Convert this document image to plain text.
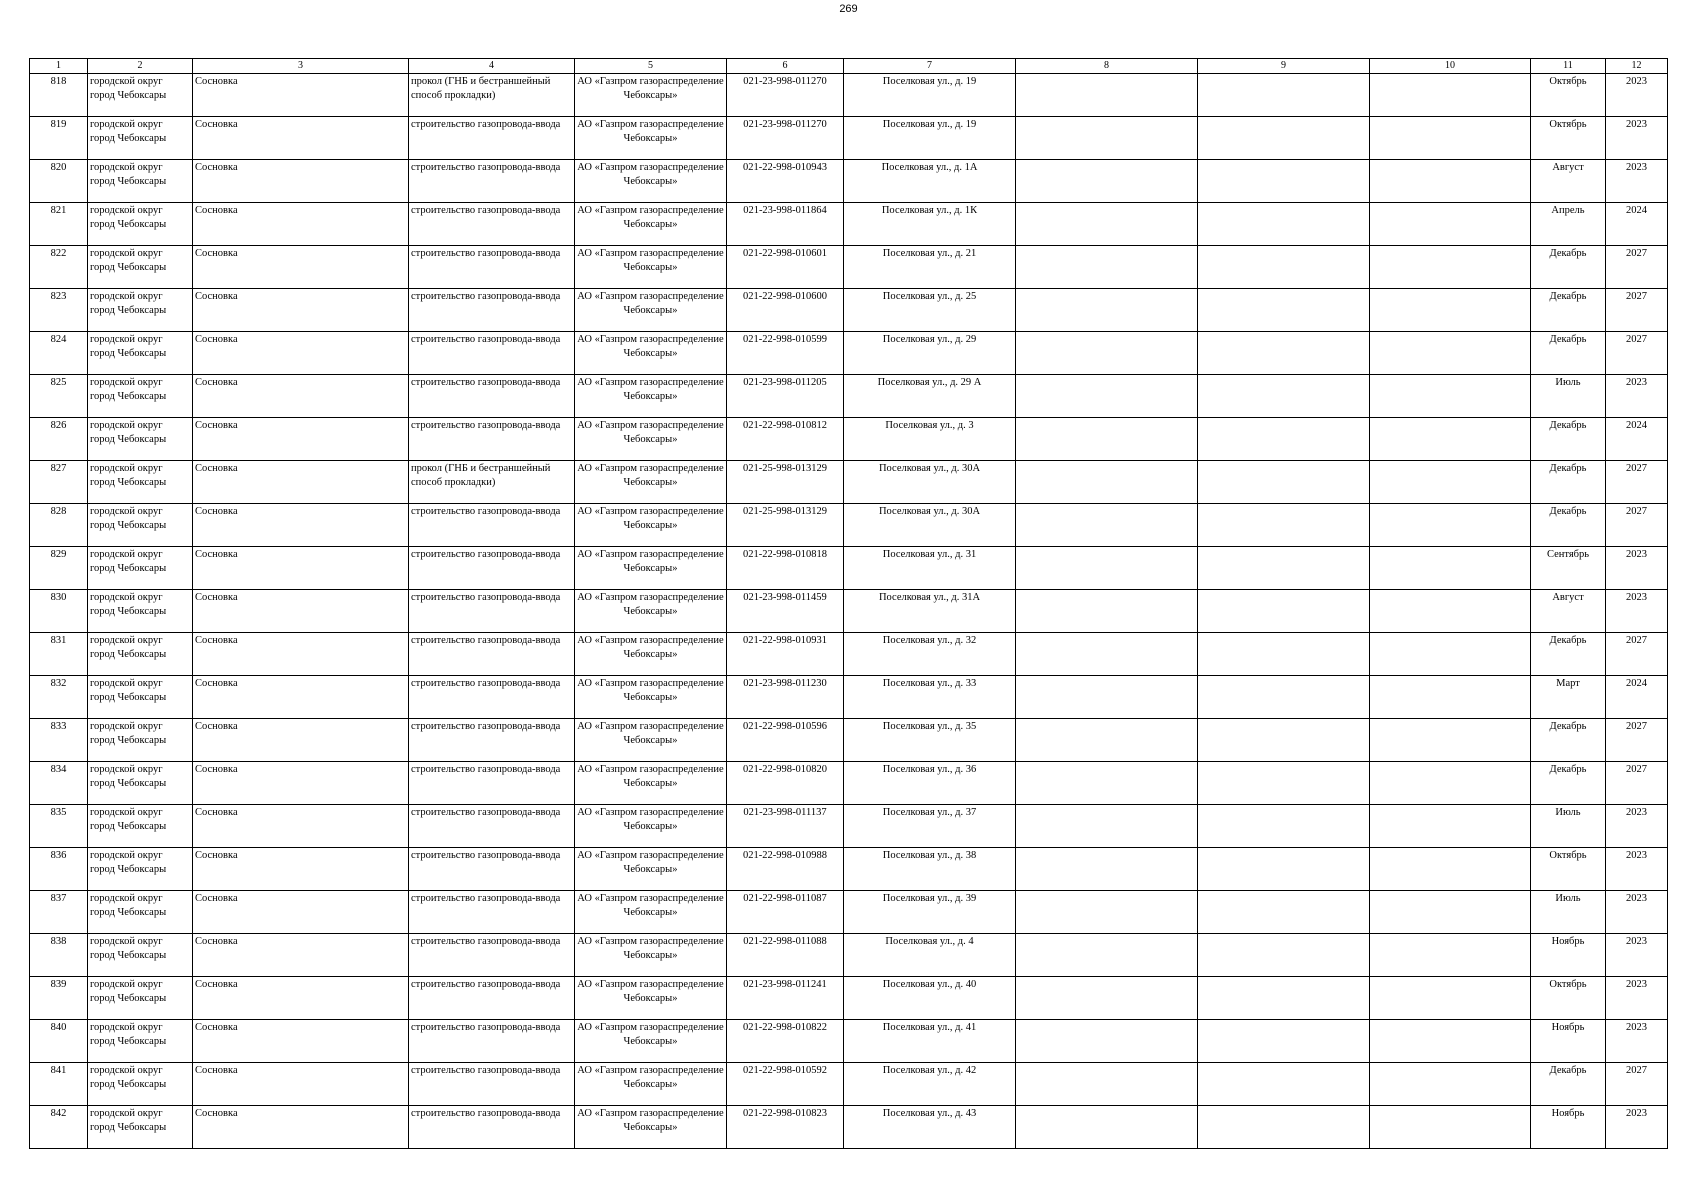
269
1	2	3	4	5	6	7	8	9	10	11	12
818	городской округ город Чебоксары	Сосновка	прокол (ГНБ и бестраншейный способ прокладки)	АО «Газпром газораспределение Чебоксары»	021-23-998-011270	Поселковая ул., д. 19				Октябрь	2023
819	городской округ город Чебоксары	Сосновка	строительство газопровода-ввода	АО «Газпром газораспределение Чебоксары»	021-23-998-011270	Поселковая ул., д. 19				Октябрь	2023
820	городской округ город Чебоксары	Сосновка	строительство газопровода-ввода	АО «Газпром газораспределение Чебоксары»	021-22-998-010943	Поселковая ул., д. 1А				Август	2023
821	городской округ город Чебоксары	Сосновка	строительство газопровода-ввода	АО «Газпром газораспределение Чебоксары»	021-23-998-011864	Поселковая ул., д. 1К				Апрель	2024
822	городской округ город Чебоксары	Сосновка	строительство газопровода-ввода	АО «Газпром газораспределение Чебоксары»	021-22-998-010601	Поселковая ул., д. 21				Декабрь	2027
823	городской округ город Чебоксары	Сосновка	строительство газопровода-ввода	АО «Газпром газораспределение Чебоксары»	021-22-998-010600	Поселковая ул., д. 25				Декабрь	2027
824	городской округ город Чебоксары	Сосновка	строительство газопровода-ввода	АО «Газпром газораспределение Чебоксары»	021-22-998-010599	Поселковая ул., д. 29				Декабрь	2027
825	городской округ город Чебоксары	Сосновка	строительство газопровода-ввода	АО «Газпром газораспределение Чебоксары»	021-23-998-011205	Поселковая ул., д. 29 А				Июль	2023
826	городской округ город Чебоксары	Сосновка	строительство газопровода-ввода	АО «Газпром газораспределение Чебоксары»	021-22-998-010812	Поселковая ул., д. 3				Декабрь	2024
827	городской округ город Чебоксары	Сосновка	прокол (ГНБ и бестраншейный способ прокладки)	АО «Газпром газораспределение Чебоксары»	021-25-998-013129	Поселковая ул., д. 30А				Декабрь	2027
828	городской округ город Чебоксары	Сосновка	строительство газопровода-ввода	АО «Газпром газораспределение Чебоксары»	021-25-998-013129	Поселковая ул., д. 30А				Декабрь	2027
829	городской округ город Чебоксары	Сосновка	строительство газопровода-ввода	АО «Газпром газораспределение Чебоксары»	021-22-998-010818	Поселковая ул., д. 31				Сентябрь	2023
830	городской округ город Чебоксары	Сосновка	строительство газопровода-ввода	АО «Газпром газораспределение Чебоксары»	021-23-998-011459	Поселковая ул., д. 31А				Август	2023
831	городской округ город Чебоксары	Сосновка	строительство газопровода-ввода	АО «Газпром газораспределение Чебоксары»	021-22-998-010931	Поселковая ул., д. 32				Декабрь	2027
832	городской округ город Чебоксары	Сосновка	строительство газопровода-ввода	АО «Газпром газораспределение Чебоксары»	021-23-998-011230	Поселковая ул., д. 33				Март	2024
833	городской округ город Чебоксары	Сосновка	строительство газопровода-ввода	АО «Газпром газораспределение Чебоксары»	021-22-998-010596	Поселковая ул., д. 35				Декабрь	2027
834	городской округ город Чебоксары	Сосновка	строительство газопровода-ввода	АО «Газпром газораспределение Чебоксары»	021-22-998-010820	Поселковая ул., д. 36				Декабрь	2027
835	городской округ город Чебоксары	Сосновка	строительство газопровода-ввода	АО «Газпром газораспределение Чебоксары»	021-23-998-011137	Поселковая ул., д. 37				Июль	2023
836	городской округ город Чебоксары	Сосновка	строительство газопровода-ввода	АО «Газпром газораспределение Чебоксары»	021-22-998-010988	Поселковая ул., д. 38				Октябрь	2023
837	городской округ город Чебоксары	Сосновка	строительство газопровода-ввода	АО «Газпром газораспределение Чебоксары»	021-22-998-011087	Поселковая ул., д. 39				Июль	2023
838	городской округ город Чебоксары	Сосновка	строительство газопровода-ввода	АО «Газпром газораспределение Чебоксары»	021-22-998-011088	Поселковая ул., д. 4				Ноябрь	2023
839	городской округ город Чебоксары	Сосновка	строительство газопровода-ввода	АО «Газпром газораспределение Чебоксары»	021-23-998-011241	Поселковая ул., д. 40				Октябрь	2023
840	городской округ город Чебоксары	Сосновка	строительство газопровода-ввода	АО «Газпром газораспределение Чебоксары»	021-22-998-010822	Поселковая ул., д. 41				Ноябрь	2023
841	городской округ город Чебоксары	Сосновка	строительство газопровода-ввода	АО «Газпром газораспределение Чебоксары»	021-22-998-010592	Поселковая ул., д. 42				Декабрь	2027
842	городской округ город Чебоксары	Сосновка	строительство газопровода-ввода	АО «Газпром газораспределение Чебоксары»	021-22-998-010823	Поселковая ул., д. 43				Ноябрь	2023
